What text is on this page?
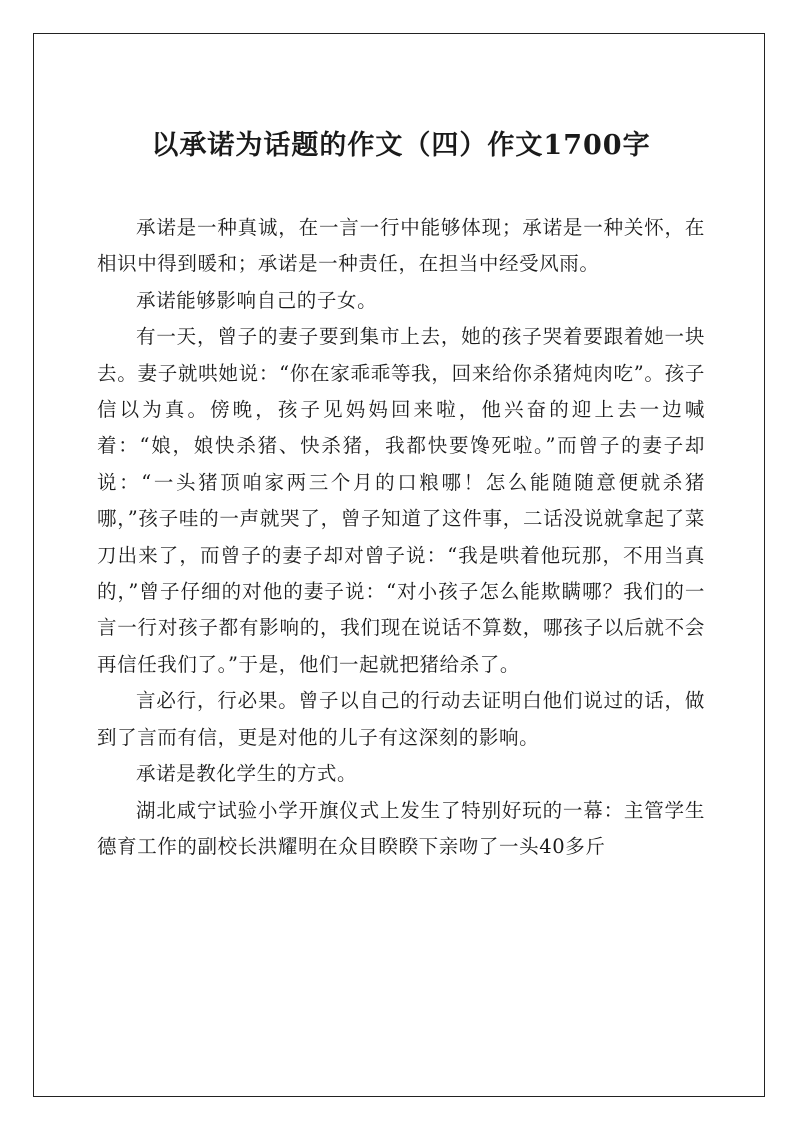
以承诺为话题的作文（四）作文1700字

承诺是一种真诚，在一言一行中能够体现；承诺是一种关怀，在相识中得到暖和；承诺是一种责任，在担当中经受风雨。

承诺能够影响自己的子女。

有一天，曾子的妻子要到集市上去，她的孩子哭着要跟着她一块去。妻子就哄她说：“你在家乖乖等我，回来给你杀猪炖肉吃”。孩子信以为真。傍晚，孩子见妈妈回来啦，他兴奋的迎上去一边喊着：“娘，娘快杀猪、快杀猪，我都快要馋死啦。”而曾子的妻子却说：“一头猪顶咱家两三个月的口粮哪！怎么能随随意便就杀猪哪，”孩子哇的一声就哭了，曾子知道了这件事，二话没说就拿起了菜刀出来了，而曾子的妻子却对曾子说：“我是哄着他玩那，不用当真的，”曾子仔细的对他的妻子说：“对小孩子怎么能欺瞒哪？我们的一言一行对孩子都有影响的，我们现在说话不算数，哪孩子以后就不会再信任我们了。”于是，他们一起就把猪给杀了。

言必行，行必果。曾子以自己的行动去证明白他们说过的话，做到了言而有信，更是对他的儿子有这深刻的影响。

承诺是教化学生的方式。

湖北咸宁试验小学开旗仪式上发生了特别好玩的一幕：主管学生德育工作的副校长洪耀明在众目睽睽下亲吻了一头40多斤
